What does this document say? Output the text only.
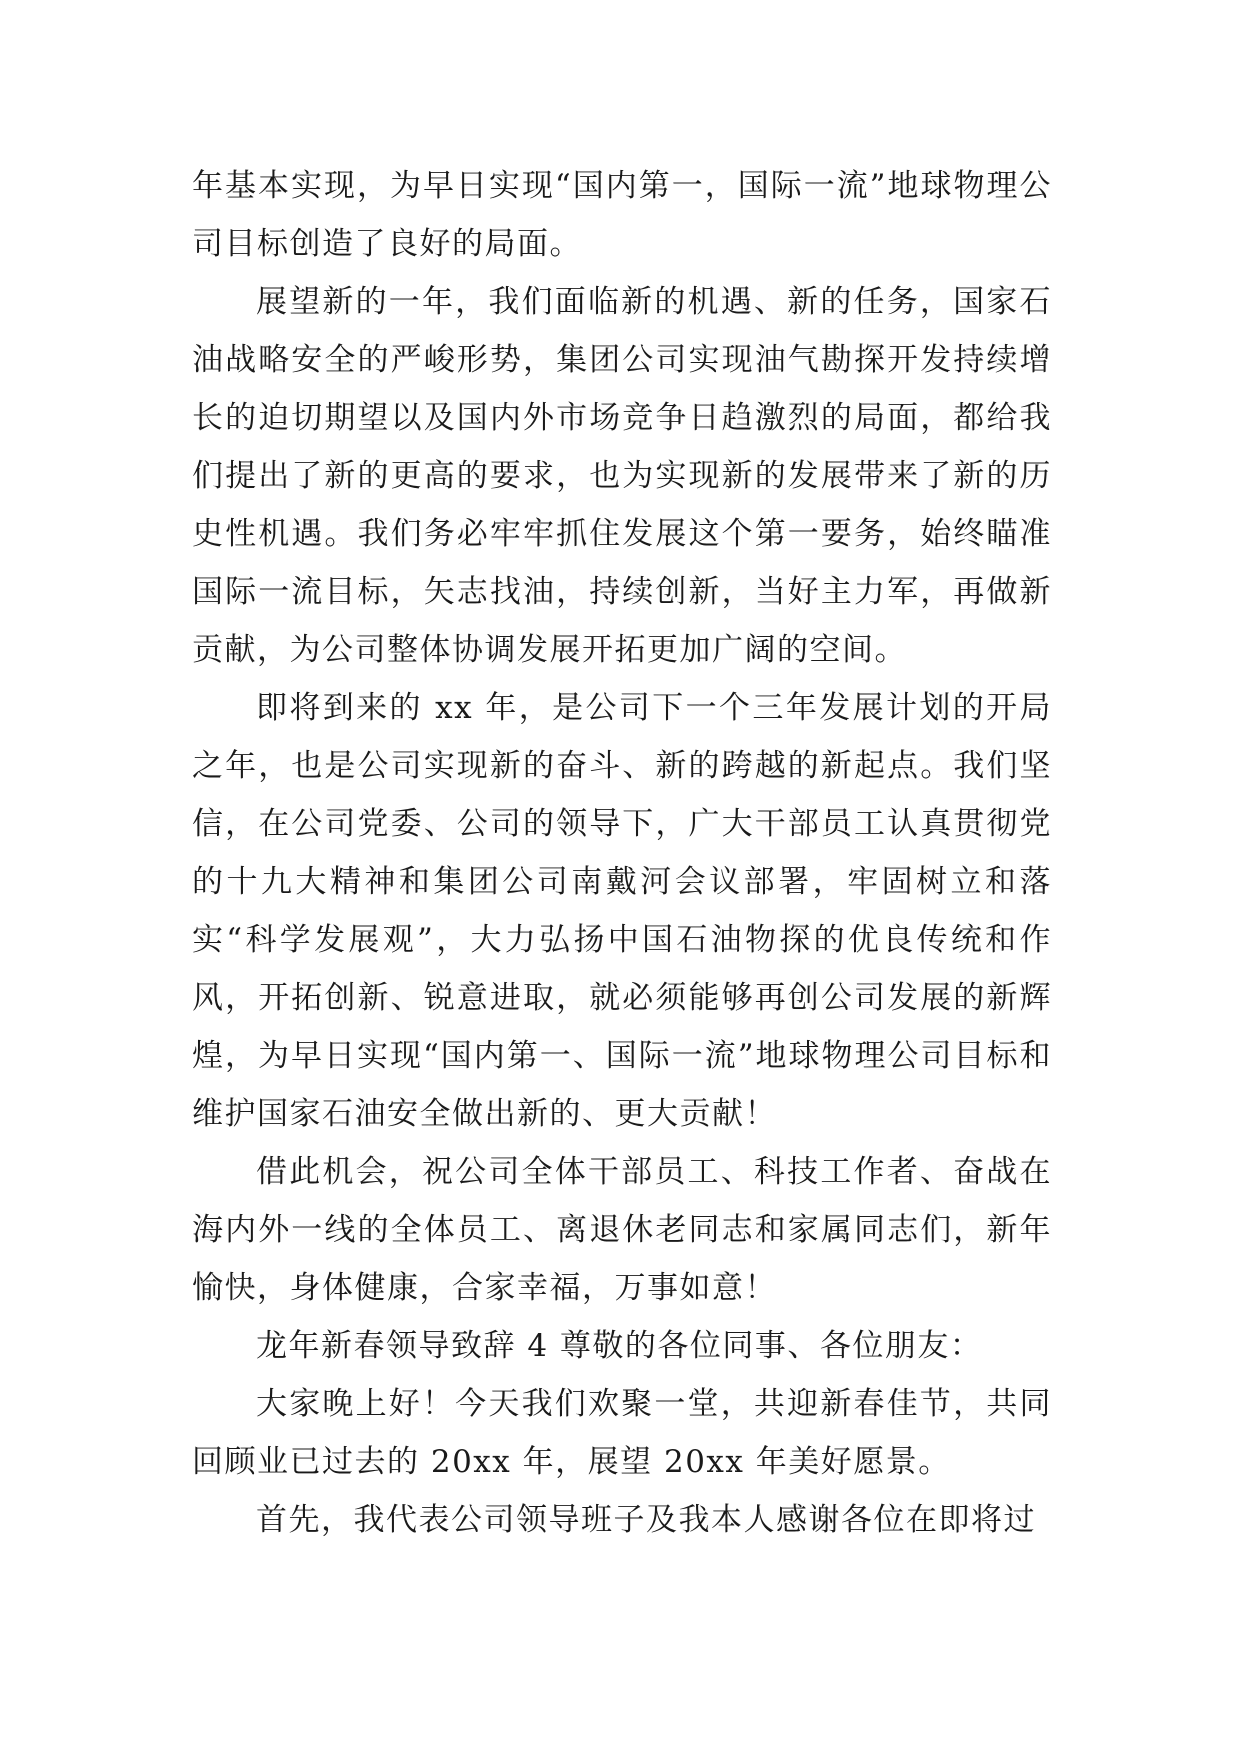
年基本实现，为早日实现“国内第一，国际一流”地球物理公司目标创造了良好的局面。

展望新的一年，我们面临新的机遇、新的任务，国家石油战略安全的严峻形势，集团公司实现油气勘探开发持续增长的迫切期望以及国内外市场竞争日趋激烈的局面，都给我们提出了新的更高的要求，也为实现新的发展带来了新的历史性机遇。我们务必牢牢抓住发展这个第一要务，始终瞄准国际一流目标，矢志找油，持续创新，当好主力军，再做新贡献，为公司整体协调发展开拓更加广阔的空间。

即将到来的 xx 年，是公司下一个三年发展计划的开局之年，也是公司实现新的奋斗、新的跨越的新起点。我们坚信，在公司党委、公司的领导下，广大干部员工认真贯彻党的十九大精神和集团公司南戴河会议部署，牢固树立和落实“科学发展观”，大力弘扬中国石油物探的优良传统和作风，开拓创新、锐意进取，就必须能够再创公司发展的新辉煌，为早日实现“国内第一、国际一流”地球物理公司目标和维护国家石油安全做出新的、更大贡献！

借此机会，祝公司全体干部员工、科技工作者、奋战在海内外一线的全体员工、离退休老同志和家属同志们，新年愉快，身体健康，合家幸福，万事如意！

龙年新春领导致辞 4 尊敬的各位同事、各位朋友：

大家晚上好！今天我们欢聚一堂，共迎新春佳节，共同回顾业已过去的 20xx 年，展望 20xx 年美好愿景。

首先，我代表公司领导班子及我本人感谢各位在即将过
